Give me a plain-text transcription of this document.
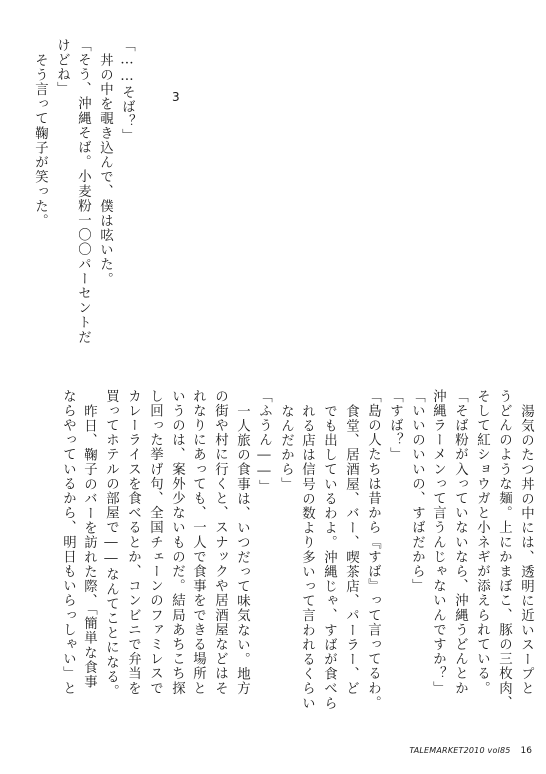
3
「……そば？」
丼の中を覗き込んで、僕は呟いた。
「そう、沖縄そば。小麦粉一〇〇パーセントだ
けどね」
そう言って鞠子が笑った。
湯気のたつ丼の中には、透明に近いスープと
うどんのような麺。上にかまぼこ、豚の三枚肉、
そして紅ショウガと小ネギが添えられている。
「そば粉が入っていないなら、沖縄うどんとか
沖縄ラーメンって言うんじゃないんですか？」
「いいのいいの、すばだから」
「すば？」
「島の人たちは昔から『すば』って言ってるわ。
食堂、居酒屋、バー、喫茶店、パーラー、ど
でも出しているわよ。沖縄じゃ、すばが食べら
れる店は信号の数より多いって言われるくらい
なんだから」
「ふうん――」
一人旅の食事は、いつだって味気ない。地方
の街や村に行くと、スナックや居酒屋などはそ
れなりにあっても、一人で食事をできる場所と
いうのは、案外少ないものだ。結局あちこち探
し回った挙げ句、全国チェーンのファミレスで
カレーライスを食べるとか、コンビニで弁当を
買ってホテルの部屋で――なんてことになる。
昨日、鞠子のバーを訪れた際、「簡単な食事
ならやっているから、明日もいらっしゃい」と
TALEMARKET2010 vol85 16
